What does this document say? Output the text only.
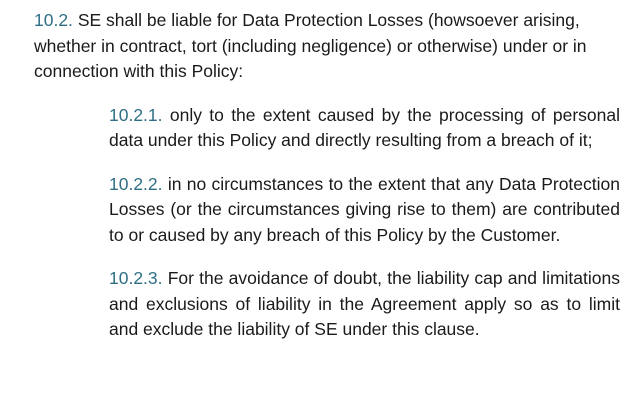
10.2. SE shall be liable for Data Protection Losses (howsoever arising, whether in contract, tort (including negligence) or otherwise) under or in connection with this Policy:

10.2.1. only to the extent caused by the processing of personal data under this Policy and directly resulting from a breach of it;

10.2.2. in no circumstances to the extent that any Data Protection Losses (or the circumstances giving rise to them) are contributed to or caused by any breach of this Policy by the Customer.

10.2.3. For the avoidance of doubt, the liability cap and limitations and exclusions of liability in the Agreement apply so as to limit and exclude the liability of SE under this clause.
